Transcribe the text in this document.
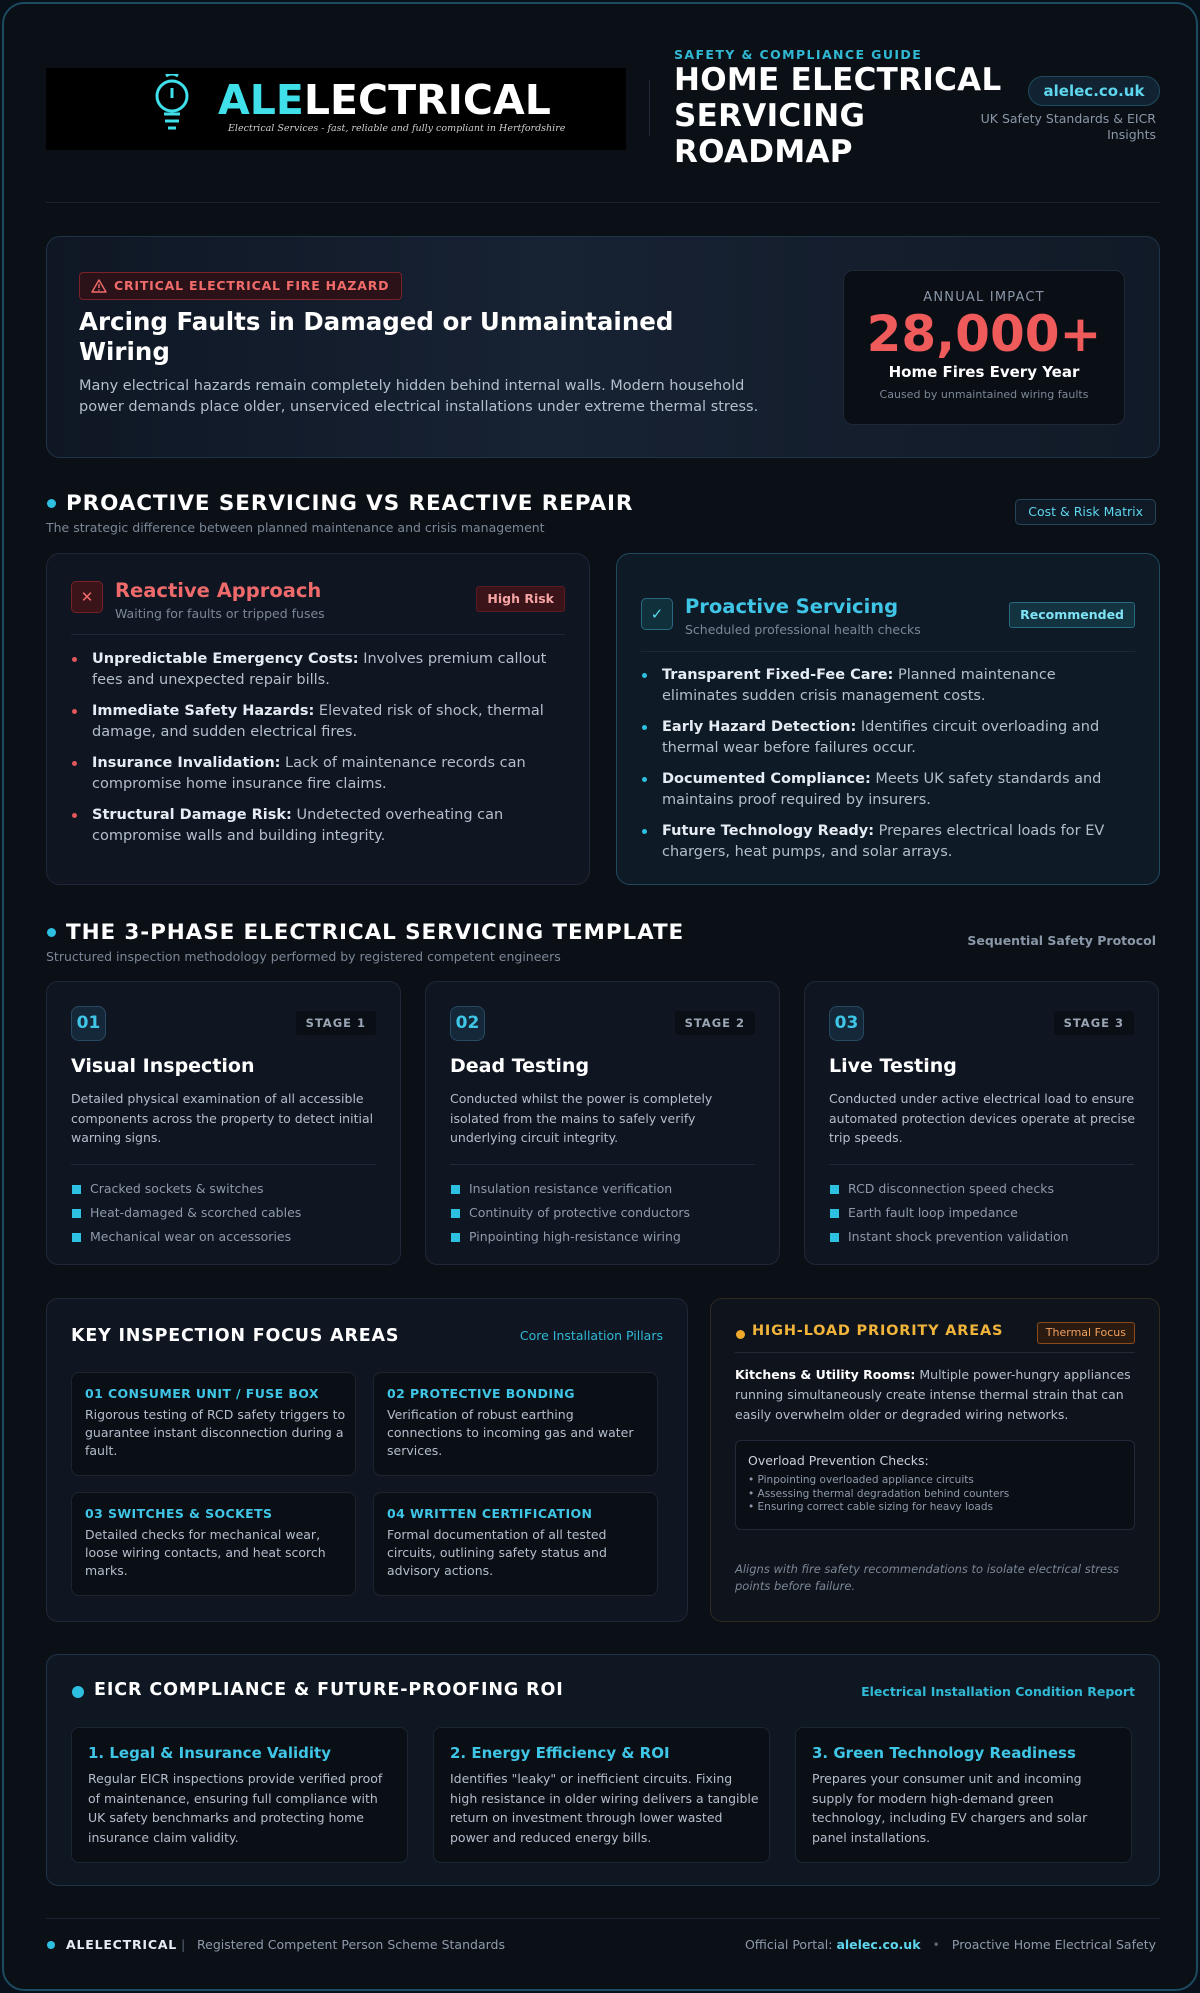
ALELECTRICAL
Electrical Services - fast, reliable and fully compliant in Hertfordshire
SAFETY & COMPLIANCE GUIDE
HOME ELECTRICAL SERVICING ROADMAP
alelec.co.uk
UK Safety Standards & EICR Insights
CRITICAL ELECTRICAL FIRE HAZARD
Arcing Faults in Damaged or Unmaintained Wiring
Many electrical hazards remain completely hidden behind internal walls. Modern household power demands place older, unserviced electrical installations under extreme thermal stress.
ANNUAL IMPACT
28,000+
Home Fires Every Year
Caused by unmaintained wiring faults
PROACTIVE SERVICING VS REACTIVE REPAIR
The strategic difference between planned maintenance and crisis management
Cost & Risk Matrix
✕	Reactive Approach
Waiting for faults or tripped fuses
High Risk
Unpredictable Emergency Costs: Involves premium callout fees and unexpected repair bills.
Immediate Safety Hazards: Elevated risk of shock, thermal damage, and sudden electrical fires.
Insurance Invalidation: Lack of maintenance records can compromise home insurance fire claims.
Structural Damage Risk: Undetected overheating can compromise walls and building integrity.
✓	Proactive Servicing
Scheduled professional health checks
Recommended
Transparent Fixed-Fee Care: Planned maintenance eliminates sudden crisis management costs.
Early Hazard Detection: Identifies circuit overloading and thermal wear before failures occur.
Documented Compliance: Meets UK safety standards and maintains proof required by insurers.
Future Technology Ready: Prepares electrical loads for EV chargers, heat pumps, and solar arrays.
THE 3-PHASE ELECTRICAL SERVICING TEMPLATE
Structured inspection methodology performed by registered competent engineers
Sequential Safety Protocol
01	STAGE 1
Visual Inspection
Detailed physical examination of all accessible components across the property to detect initial warning signs.
Cracked sockets & switches
Heat-damaged & scorched cables
Mechanical wear on accessories
02	STAGE 2
Dead Testing
Conducted whilst the power is completely isolated from the mains to safely verify underlying circuit integrity.
Insulation resistance verification
Continuity of protective conductors
Pinpointing high-resistance wiring
03	STAGE 3
Live Testing
Conducted under active electrical load to ensure automated protection devices operate at precise trip speeds.
RCD disconnection speed checks
Earth fault loop impedance
Instant shock prevention validation
KEY INSPECTION FOCUS AREAS	Core Installation Pillars
01 CONSUMER UNIT / FUSE BOX
Rigorous testing of RCD safety triggers to guarantee instant disconnection during a fault.
02 PROTECTIVE BONDING
Verification of robust earthing connections to incoming gas and water services.
03 SWITCHES & SOCKETS
Detailed checks for mechanical wear, loose wiring contacts, and heat scorch marks.
04 WRITTEN CERTIFICATION
Formal documentation of all tested circuits, outlining safety status and advisory actions.
HIGH-LOAD PRIORITY AREAS	Thermal Focus
Kitchens & Utility Rooms: Multiple power-hungry appliances running simultaneously create intense thermal strain that can easily overwhelm older or degraded wiring networks.
Overload Prevention Checks:
• Pinpointing overloaded appliance circuits
• Assessing thermal degradation behind counters
• Ensuring correct cable sizing for heavy loads
Aligns with fire safety recommendations to isolate electrical stress points before failure.
EICR COMPLIANCE & FUTURE-PROOFING ROI	Electrical Installation Condition Report
1. Legal & Insurance Validity
Regular EICR inspections provide verified proof of maintenance, ensuring full compliance with UK safety benchmarks and protecting home insurance claim validity.
2. Energy Efficiency & ROI
Identifies "leaky" or inefficient circuits. Fixing high resistance in older wiring delivers a tangible return on investment through lower wasted power and reduced energy bills.
3. Green Technology Readiness
Prepares your consumer unit and incoming supply for modern high-demand green technology, including EV chargers and solar panel installations.
ALELECTRICAL | Registered Competent Person Scheme Standards	Official Portal: alelec.co.uk • Proactive Home Electrical Safety
